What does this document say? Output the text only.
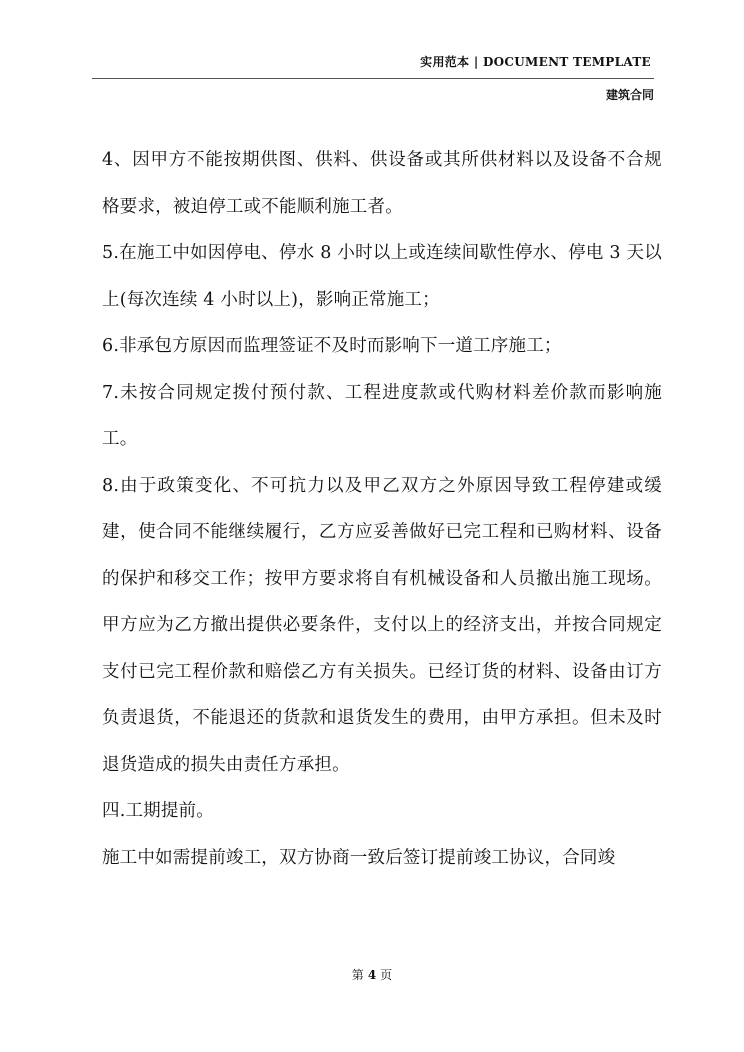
实用范本 | DOCUMENT TEMPLATE
建筑合同

4、因甲方不能按期供图、供料、供设备或其所供材料以及设备不合规格要求，被迫停工或不能顺利施工者。

5.在施工中如因停电、停水 8 小时以上或连续间歇性停水、停电 3 天以上(每次连续 4 小时以上)，影响正常施工；

6.非承包方原因而监理签证不及时而影响下一道工序施工；

7.未按合同规定拨付预付款、工程进度款或代购材料差价款而影响施工。

8.由于政策变化、不可抗力以及甲乙双方之外原因导致工程停建或缓建，使合同不能继续履行，乙方应妥善做好已完工程和已购材料、设备的保护和移交工作；按甲方要求将自有机械设备和人员撤出施工现场。甲方应为乙方撤出提供必要条件，支付以上的经济支出，并按合同规定支付已完工程价款和赔偿乙方有关损失。已经订货的材料、设备由订方负责退货，不能退还的货款和退货发生的费用，由甲方承担。但未及时退货造成的损失由责任方承担。

四.工期提前。

施工中如需提前竣工，双方协商一致后签订提前竣工协议，合同竣

第 4 页
